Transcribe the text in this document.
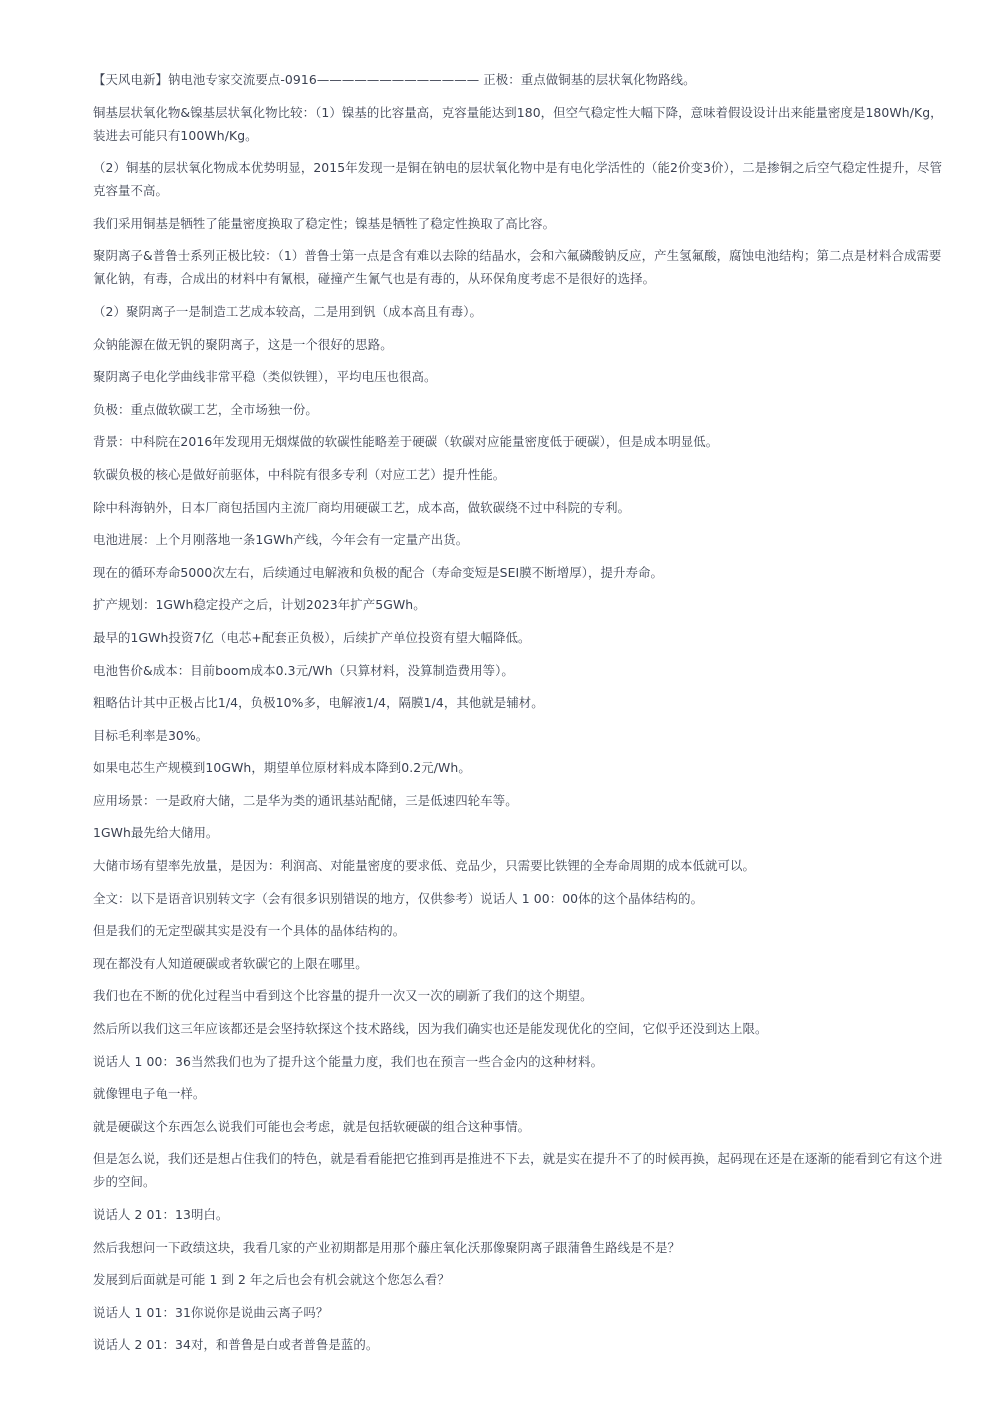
【天风电新】钠电池专家交流要点-0916————————————— 正极：重点做铜基的层状氧化物路线。

铜基层状氧化物&镍基层状氧化物比较：（1）镍基的比容量高，克容量能达到180，但空气稳定性大幅下降，意味着假设设计出来能量密度是180Wh/Kg，装进去可能只有100Wh/Kg。

（2）铜基的层状氧化物成本优势明显，2015年发现一是铜在钠电的层状氧化物中是有电化学活性的（能2价变3价），二是掺铜之后空气稳定性提升，尽管克容量不高。

我们采用铜基是牺牲了能量密度换取了稳定性；镍基是牺牲了稳定性换取了高比容。

聚阴离子&普鲁士系列正极比较：（1）普鲁士第一点是含有难以去除的结晶水，会和六氟磷酸钠反应，产生氢氟酸，腐蚀电池结构；第二点是材料合成需要氰化钠，有毒，合成出的材料中有氰根，碰撞产生氰气也是有毒的，从环保角度考虑不是很好的选择。

（2）聚阴离子一是制造工艺成本较高，二是用到钒（成本高且有毒）。

众钠能源在做无钒的聚阴离子，这是一个很好的思路。

聚阴离子电化学曲线非常平稳（类似铁锂），平均电压也很高。

负极：重点做软碳工艺，全市场独一份。

背景：中科院在2016年发现用无烟煤做的软碳性能略差于硬碳（软碳对应能量密度低于硬碳），但是成本明显低。

软碳负极的核心是做好前驱体，中科院有很多专利（对应工艺）提升性能。

除中科海钠外，日本厂商包括国内主流厂商均用硬碳工艺，成本高，做软碳绕不过中科院的专利。

电池进展：上个月刚落地一条1GWh产线，今年会有一定量产出货。

现在的循环寿命5000次左右，后续通过电解液和负极的配合（寿命变短是SEI膜不断增厚），提升寿命。

扩产规划：1GWh稳定投产之后，计划2023年扩产5GWh。

最早的1GWh投资7亿（电芯+配套正负极），后续扩产单位投资有望大幅降低。

电池售价&成本：目前boom成本0.3元/Wh（只算材料，没算制造费用等）。

粗略估计其中正极占比1/4，负极10%多，电解液1/4，隔膜1/4，其他就是辅材。

目标毛利率是30%。

如果电芯生产规模到10GWh，期望单位原材料成本降到0.2元/Wh。

应用场景：一是政府大储，二是华为类的通讯基站配储，三是低速四轮车等。

1GWh最先给大储用。

大储市场有望率先放量，是因为：利润高、对能量密度的要求低、竞品少，只需要比铁锂的全寿命周期的成本低就可以。

全文：以下是语音识别转文字（会有很多识别错误的地方，仅供参考）说话人 1 00：00体的这个晶体结构的。

但是我们的无定型碳其实是没有一个具体的晶体结构的。

现在都没有人知道硬碳或者软碳它的上限在哪里。

我们也在不断的优化过程当中看到这个比容量的提升一次又一次的刷新了我们的这个期望。

然后所以我们这三年应该都还是会坚持软探这个技术路线，因为我们确实也还是能发现优化的空间，它似乎还没到达上限。

说话人 1 00：36当然我们也为了提升这个能量力度，我们也在预言一些合金内的这种材料。

就像锂电子龟一样。

就是硬碳这个东西怎么说我们可能也会考虑，就是包括软硬碳的组合这种事情。

但是怎么说，我们还是想占住我们的特色，就是看看能把它推到再是推进不下去，就是实在提升不了的时候再换，起码现在还是在逐渐的能看到它有这个进步的空间。

说话人 2 01：13明白。

然后我想问一下政绩这块，我看几家的产业初期都是用那个藤庄氧化沃那像聚阴离子跟蒲鲁生路线是不是？

发展到后面就是可能 1 到 2 年之后也会有机会就这个您怎么看？

说话人 1 01：31你说你是说曲云离子吗？

说话人 2 01：34对，和普鲁是白或者普鲁是蓝的。
